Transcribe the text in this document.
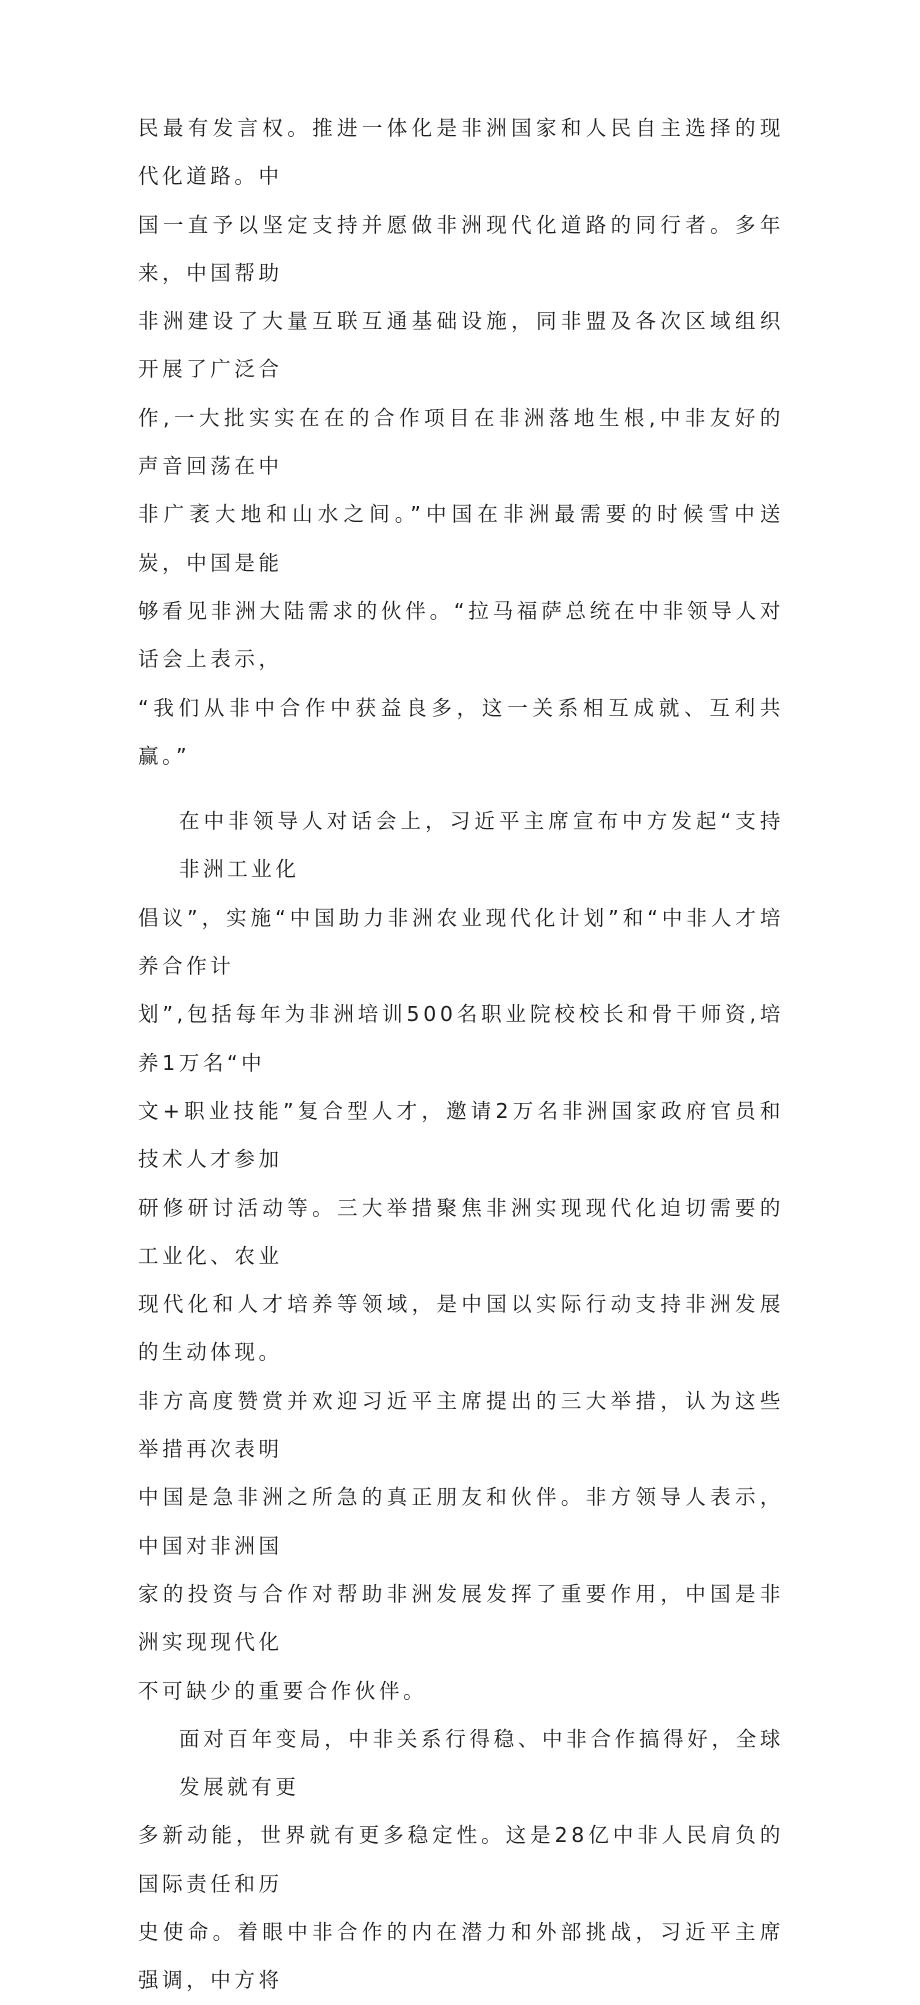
民最有发言权。推进一体化是非洲国家和人民自主选择的现代化道路。中
国一直予以坚定支持并愿做非洲现代化道路的同行者。多年来，中国帮助
非洲建设了大量互联互通基础设施，同非盟及各次区域组织开展了广泛合
作,一大批实实在在的合作项目在非洲落地生根,中非友好的声音回荡在中
非广袤大地和山水之间。”中国在非洲最需要的时候雪中送炭，中国是能
够看见非洲大陆需求的伙伴。“拉马福萨总统在中非领导人对话会上表示，
“我们从非中合作中获益良多，这一关系相互成就、互利共赢。”
在中非领导人对话会上，习近平主席宣布中方发起“支持非洲工业化
倡议”，实施“中国助力非洲农业现代化计划”和“中非人才培养合作计
划”,包括每年为非洲培训500名职业院校校长和骨干师资,培养1万名“中
文+职业技能”复合型人才，邀请2万名非洲国家政府官员和技术人才参加
研修研讨活动等。三大举措聚焦非洲实现现代化迫切需要的工业化、农业
现代化和人才培养等领域，是中国以实际行动支持非洲发展的生动体现。
非方高度赞赏并欢迎习近平主席提出的三大举措，认为这些举措再次表明
中国是急非洲之所急的真正朋友和伙伴。非方领导人表示，中国对非洲国
家的投资与合作对帮助非洲发展发挥了重要作用，中国是非洲实现现代化
不可缺少的重要合作伙伴。
面对百年变局，中非关系行得稳、中非合作搞得好，全球发展就有更
多新动能，世界就有更多稳定性。这是28亿中非人民肩负的国际责任和历
史使命。着眼中非合作的内在潜力和外部挑战，习近平主席强调，中方将
